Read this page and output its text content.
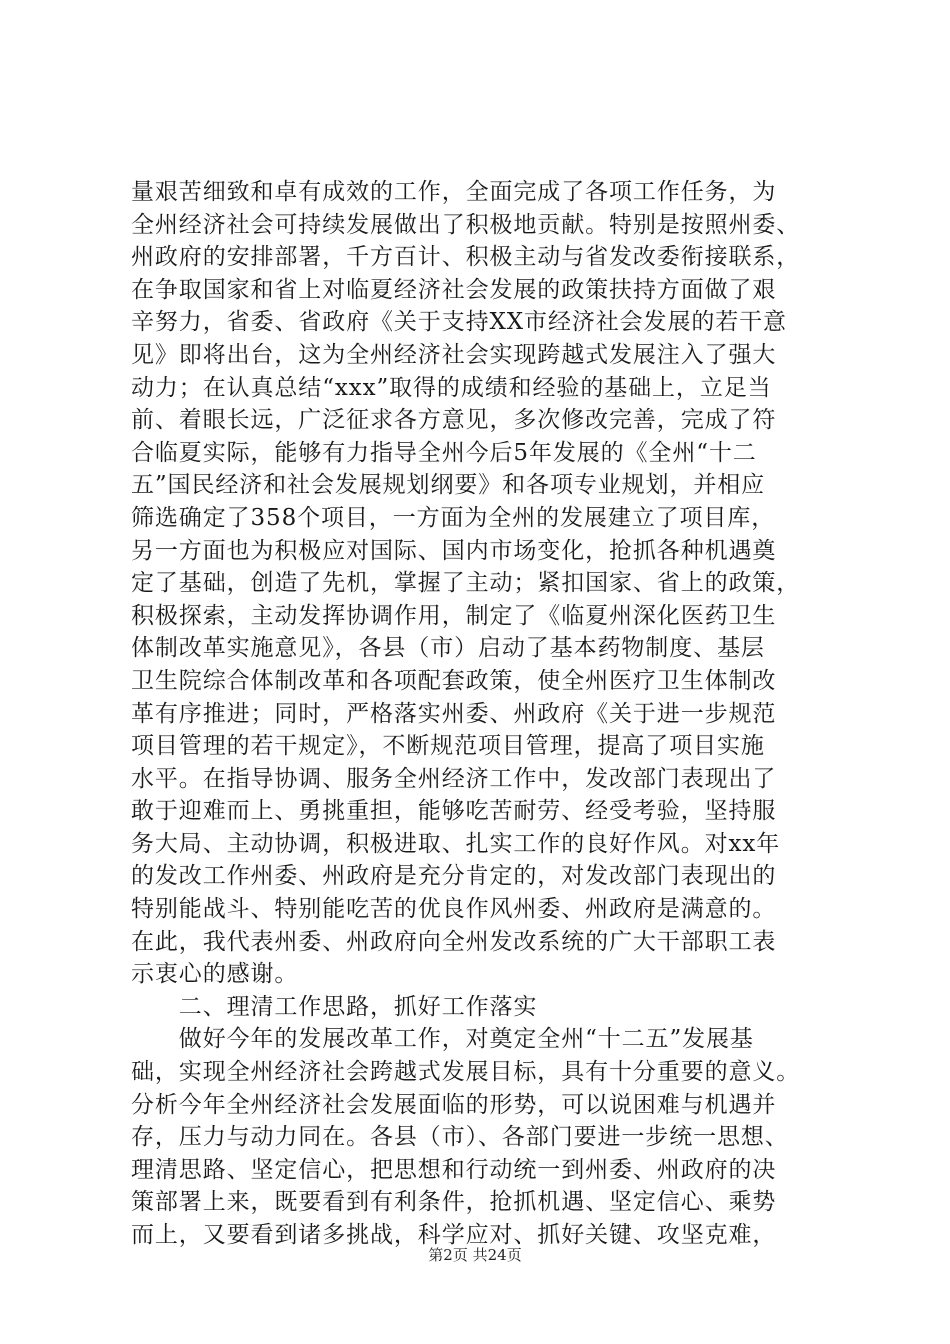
量艰苦细致和卓有成效的工作，全面完成了各项工作任务，为
全州经济社会可持续发展做出了积极地贡献。特别是按照州委、
州政府的安排部署，千方百计、积极主动与省发改委衔接联系，
在争取国家和省上对临夏经济社会发展的政策扶持方面做了艰
辛努力，省委、省政府《关于支持XX市经济社会发展的若干意
见》即将出台，这为全州经济社会实现跨越式发展注入了强大
动力；在认真总结“xxx”取得的成绩和经验的基础上，立足当
前、着眼长远，广泛征求各方意见，多次修改完善，完成了符
合临夏实际，能够有力指导全州今后5年发展的《全州“十二
五”国民经济和社会发展规划纲要》和各项专业规划，并相应
筛选确定了358个项目，一方面为全州的发展建立了项目库，
另一方面也为积极应对国际、国内市场变化，抢抓各种机遇奠
定了基础，创造了先机，掌握了主动；紧扣国家、省上的政策，
积极探索，主动发挥协调作用，制定了《临夏州深化医药卫生
体制改革实施意见》，各县（市）启动了基本药物制度、基层
卫生院综合体制改革和各项配套政策，使全州医疗卫生体制改
革有序推进；同时，严格落实州委、州政府《关于进一步规范
项目管理的若干规定》，不断规范项目管理，提高了项目实施
水平。在指导协调、服务全州经济工作中，发改部门表现出了
敢于迎难而上、勇挑重担，能够吃苦耐劳、经受考验，坚持服
务大局、主动协调，积极进取、扎实工作的良好作风。对xx年
的发改工作州委、州政府是充分肯定的，对发改部门表现出的
特别能战斗、特别能吃苦的优良作风州委、州政府是满意的。
在此，我代表州委、州政府向全州发改系统的广大干部职工表
示衷心的感谢。
　　二、理清工作思路，抓好工作落实
　　做好今年的发展改革工作，对奠定全州“十二五”发展基
础，实现全州经济社会跨越式发展目标，具有十分重要的意义。
分析今年全州经济社会发展面临的形势，可以说困难与机遇并
存，压力与动力同在。各县（市）、各部门要进一步统一思想、
理清思路、坚定信心，把思想和行动统一到州委、州政府的决
策部署上来，既要看到有利条件，抢抓机遇、坚定信心、乘势
而上，又要看到诸多挑战，科学应对、抓好关键、攻坚克难，
第2页 共24页
